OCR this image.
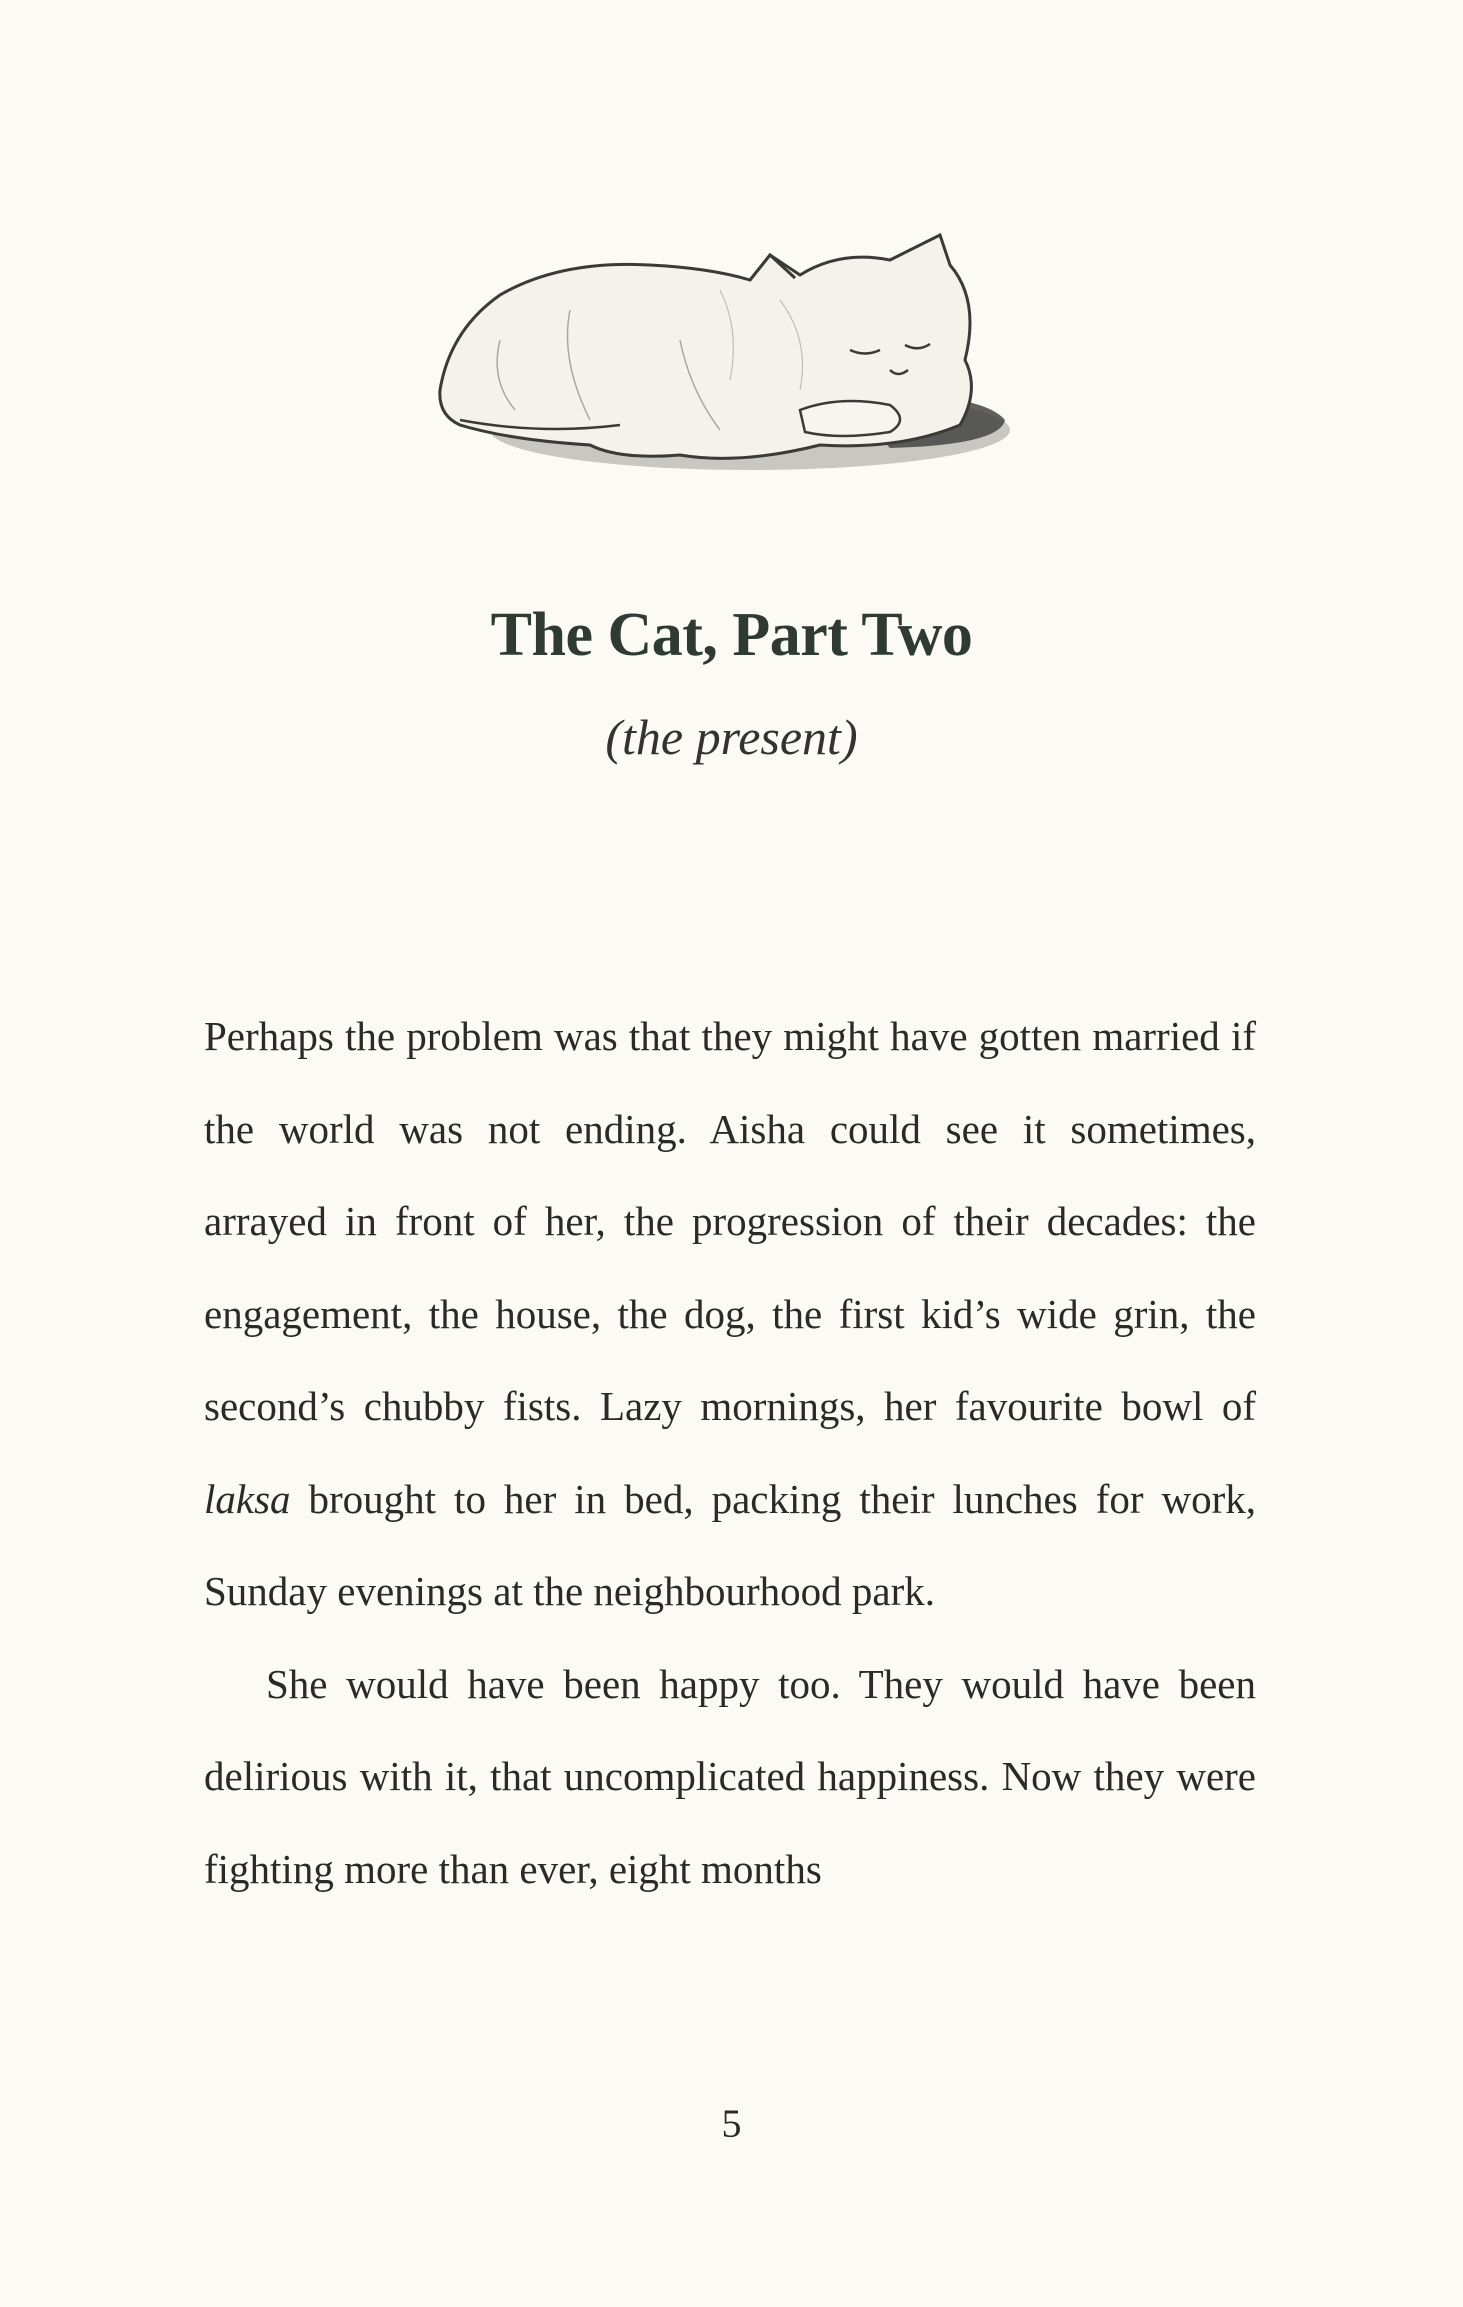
The Cat, Part Two
(the present)

Perhaps the problem was that they might have gotten married if the world was not ending. Aisha could see it sometimes, arrayed in front of her, the progression of their decades: the engagement, the house, the dog, the first kid’s wide grin, the second’s chubby fists. Lazy mornings, her favourite bowl of laksa brought to her in bed, packing their lunches for work, Sunday evenings at the neighbourhood park.

She would have been happy too. They would have been delirious with it, that uncomplicated happiness. Now they were fighting more than ever, eight months

5
